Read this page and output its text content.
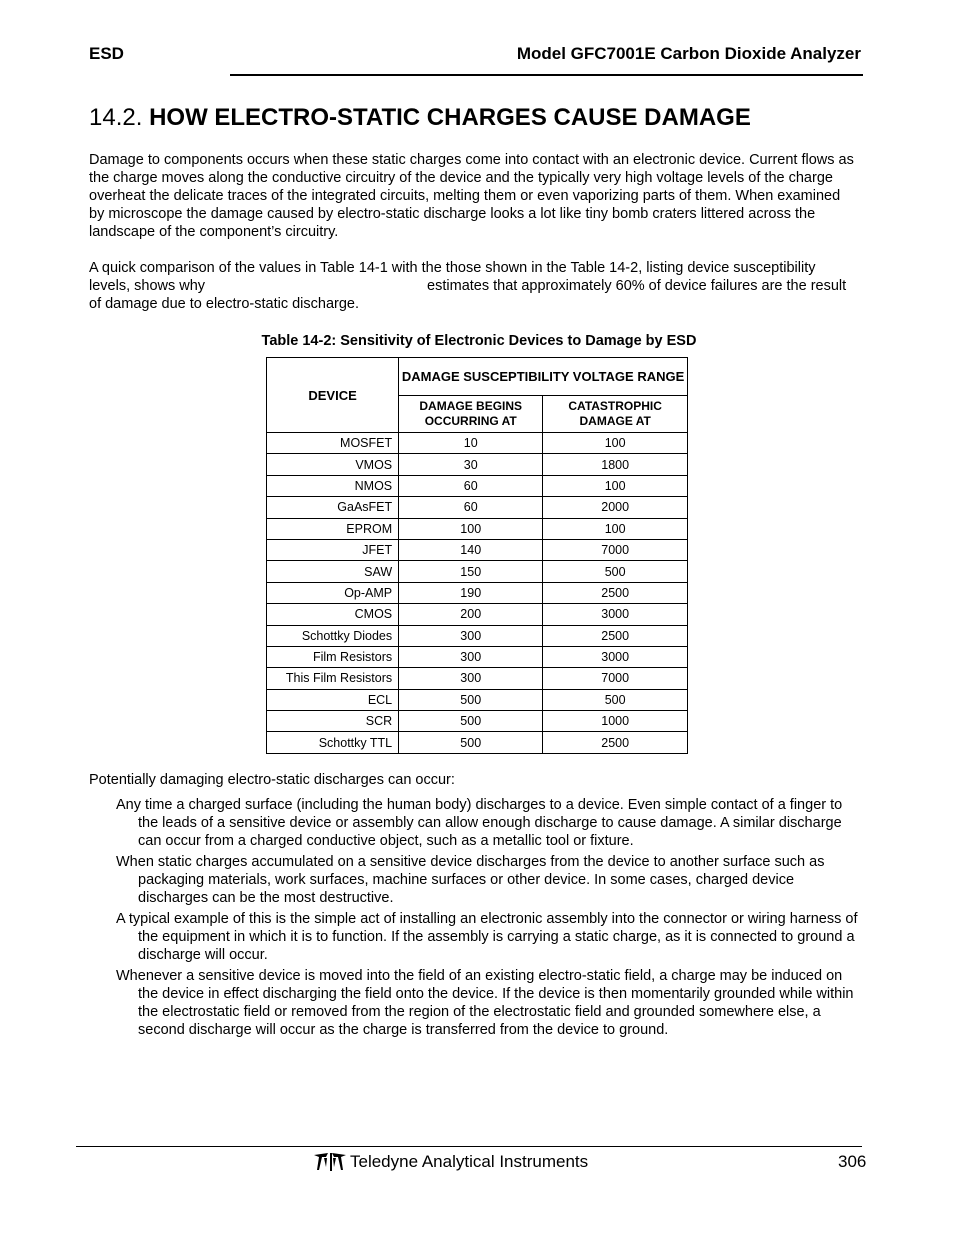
ESD	Model GFC7001E Carbon Dioxide Analyzer
14.2. HOW ELECTRO-STATIC CHARGES CAUSE DAMAGE
Damage to components occurs when these static charges come into contact with an electronic device. Current flows as the charge moves along the conductive circuitry of the device and the typically very high voltage levels of the charge overheat the delicate traces of the integrated circuits, melting them or even vaporizing parts of them. When examined by microscope the damage caused by electro-static discharge looks a lot like tiny bomb craters littered across the landscape of the component’s circuitry.
A quick comparison of the values in Table 14-1 with the those shown in the Table 14-2, listing device susceptibility levels, shows why	estimates that approximately 60% of device failures are the result of damage due to electro-static discharge.
Table 14-2: Sensitivity of Electronic Devices to Damage by ESD
DEVICE	DAMAGE SUSCEPTIBILITY VOLTAGE RANGE	
	DAMAGE BEGINS OCCURRING AT	CATASTROPHIC DAMAGE AT
MOSFET	10	100
VMOS	30	1800
NMOS	60	100
GaAsFET	60	2000
EPROM	100	100
JFET	140	7000
SAW	150	500
Op-AMP	190	2500
CMOS	200	3000
Schottky Diodes	300	2500
Film Resistors	300	3000
This Film Resistors	300	7000
ECL	500	500
SCR	500	1000
Schottky TTL	500	2500
Potentially damaging electro-static discharges can occur:
Any time a charged surface (including the human body) discharges to a device. Even simple contact of a finger to the leads of a sensitive device or assembly can allow enough discharge to cause damage. A similar discharge can occur from a charged conductive object, such as a metallic tool or fixture.
When static charges accumulated on a sensitive device discharges from the device to another surface such as packaging materials, work surfaces, machine surfaces or other device. In some cases, charged device discharges can be the most destructive.
A typical example of this is the simple act of installing an electronic assembly into the connector or wiring harness of the equipment in which it is to function. If the assembly is carrying a static charge, as it is connected to ground a discharge will occur.
Whenever a sensitive device is moved into the field of an existing electro-static field, a charge may be induced on the device in effect discharging the field onto the device. If the device is then momentarily grounded while within the electrostatic field or removed from the region of the electrostatic field and grounded somewhere else, a second discharge will occur as the charge is transferred from the device to ground.
Teledyne Analytical Instruments	306
